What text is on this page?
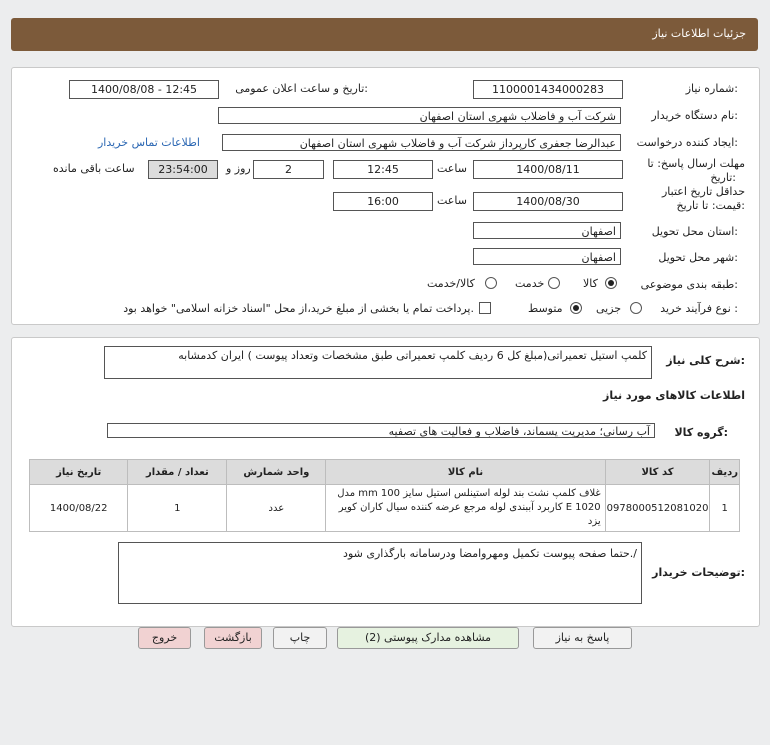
جزئیات اطلاعات نیاز
شماره نیاز:
1100001434000283
تاریخ و ساعت اعلان عمومی:
1400/08/08 - 12:45
نام دستگاه خریدار:
شرکت آب و فاضلاب شهری استان اصفهان
ایجاد کننده درخواست:
عبدالرضا جعفری کارپرداز شرکت آب و فاضلاب شهری استان اصفهان
اطلاعات تماس خریدار
مهلت ارسال پاسخ: تا
تاریخ:
1400/08/11
ساعت
12:45
2
روز و
23:54:00
ساعت باقی مانده
حداقل تاریخ اعتبار
قیمت: تا تاریخ:
1400/08/30
ساعت
16:00
استان محل تحویل:
اصفهان
شهر محل تحویل:
اصفهان
طبقه بندی موضوعی:
کالا
خدمت
کالا/خدمت
نوع فرآیند خرید :
جزیی
متوسط
پرداخت تمام یا بخشی از مبلغ خرید،از محل "اسناد خزانه اسلامی" خواهد بود.
شرح کلی نیاز:
کلمپ استیل تعمیراتی(مبلغ کل 6 ردیف کلمپ تعمیراتی طبق مشخصات وتعداد پیوست ) ایران کدمشابه
اطلاعات کالاهای مورد نیاز
گروه کالا:
آب رسانی؛ مدیریت پسماند، فاضلاب و فعالیت های تصفیه
ردیف	کد کالا	نام کالا	واحد شمارش	تعداد / مقدار	تاریخ نیاز
1	0978000512081020	غلاف کلمپ نشت بند لوله استینلس استیل سایز 100 mm مدل E 1020 کاربرد آببندی لوله مرجع عرضه کننده سیال کاران کویر یزد	عدد	1	1400/08/22
توضیحات خریدار:
حتما صفحه پیوست تکمیل ومهروامضا ودرسامانه بارگذاری شود./
پاسخ به نیاز
مشاهده مدارک پیوستی (2)
چاپ
بازگشت
خروج
